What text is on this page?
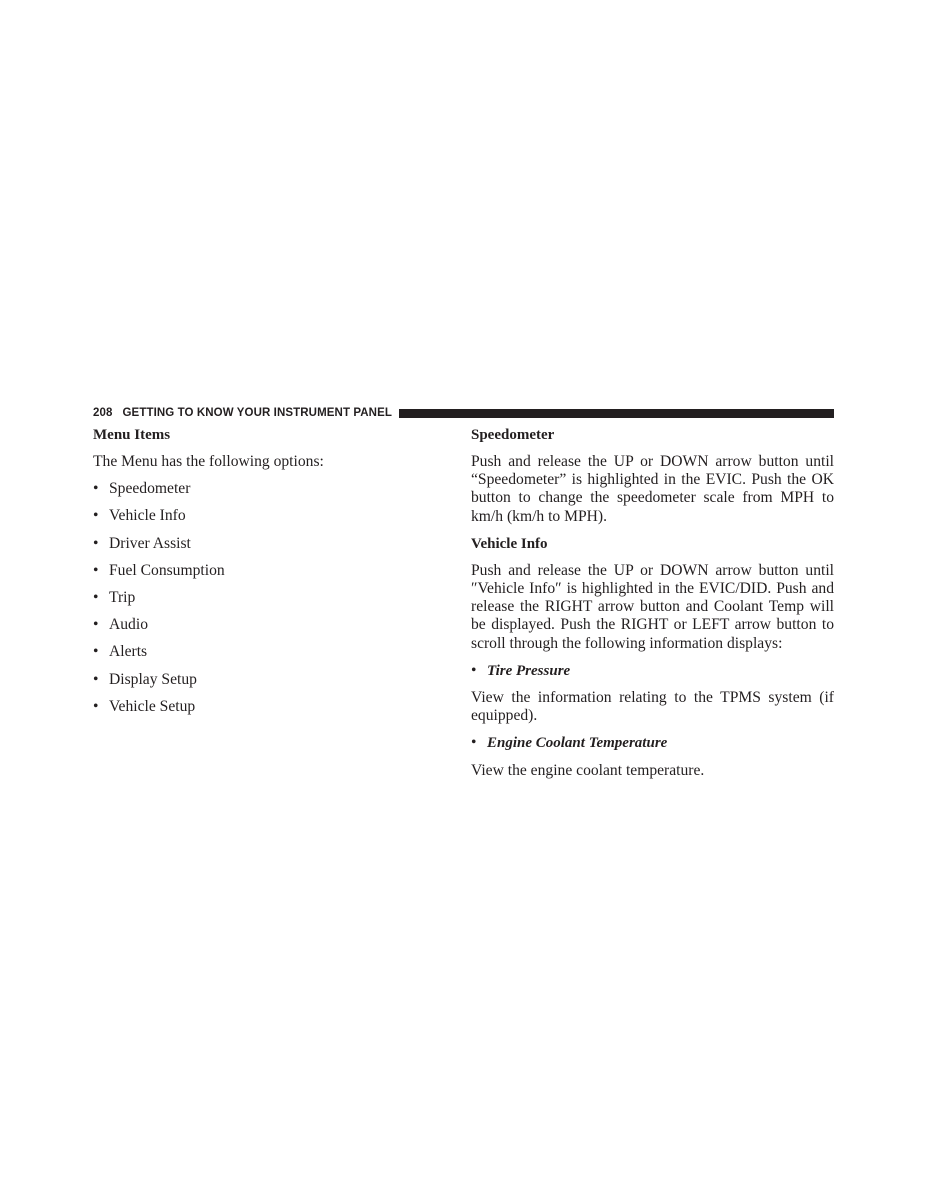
208 GETTING TO KNOW YOUR INSTRUMENT PANEL
Menu Items
The Menu has the following options:
• Speedometer
• Vehicle Info
• Driver Assist
• Fuel Consumption
• Trip
• Audio
• Alerts
• Display Setup
• Vehicle Setup
Speedometer
Push and release the UP or DOWN arrow button until “Speedometer” is highlighted in the EVIC. Push the OK button to change the speedometer scale from MPH to km/h (km/h to MPH).
Vehicle Info
Push and release the UP or DOWN arrow button until ″Vehicle Info″ is highlighted in the EVIC/DID. Push and release the RIGHT arrow button and Coolant Temp will be displayed. Push the RIGHT or LEFT arrow button to scroll through the following information displays:
• Tire Pressure
View the information relating to the TPMS system (if equipped).
• Engine Coolant Temperature
View the engine coolant temperature.
